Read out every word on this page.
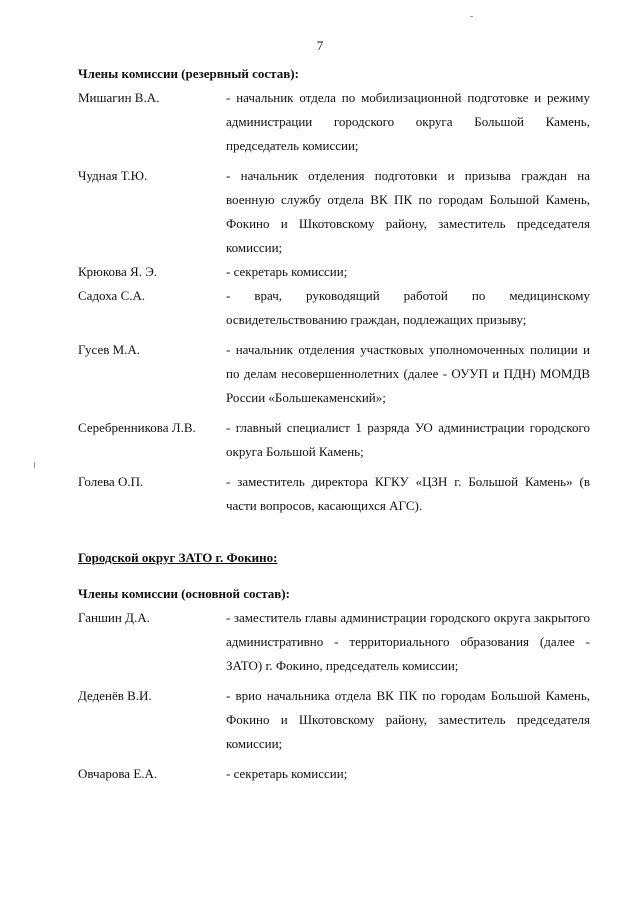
7

Члены комиссии (резервный состав):

Мишагин В.А.	- начальник отдела по мобилизационной подготовке и режиму администрации городского округа Большой Камень, председатель комиссии;
Чудная Т.Ю.	- начальник отделения подготовки и призыва граждан на военную службу отдела ВК ПК по городам Большой Камень, Фокино и Шкотовскому району, заместитель председателя комиссии;
Крюкова Я. Э.	- секретарь комиссии;
Садоха С.А.	- врач, руководящий работой по медицинскому освидетельствованию граждан, подлежащих призыву;
Гусев М.А.	- начальник отделения участковых уполномоченных полиции и по делам несовершеннолетних (далее - ОУУП и ПДН) МОМДВ России «Большекаменский»;
Серебренникова Л.В.	- главный специалист 1 разряда УО администрации городского округа Большой Камень;
Голева О.П.	- заместитель директора КГКУ «ЦЗН г. Большой Камень» (в части вопросов, касающихся АГС).

Городской округ ЗАТО г. Фокино:

Члены комиссии (основной состав):

Ганшин Д.А.	- заместитель главы администрации городского округа закрытого административно - территориального образования (далее - ЗАТО) г. Фокино, председатель комиссии;
Деденёв В.И.	- врио начальника отдела ВК ПК по городам Большой Камень, Фокино и Шкотовскому району, заместитель председателя комиссии;
Овчарова Е.А.	- секретарь комиссии;
